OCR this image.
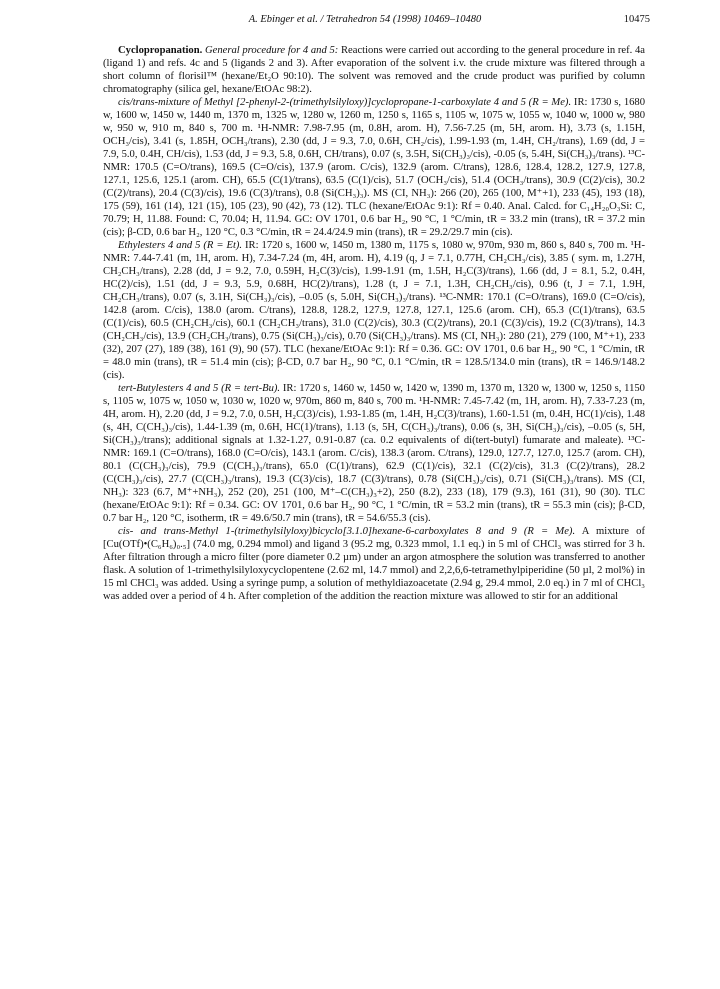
A. Ebinger et al. / Tetrahedron 54 (1998) 10469–10480	10475

Cyclopropanation. General procedure for 4 and 5: Reactions were carried out according to the general procedure in ref. 4a (ligand 1) and refs. 4c and 5 (ligands 2 and 3). After evaporation of the solvent i.v. the crude mixture was filtered through a short column of florisil™ (hexane/Et₂O 90:10). The solvent was removed and the crude product was purified by column chromatography (silica gel, hexane/EtOAc 98:2).

cis/trans-mixture of Methyl [2-phenyl-2-(trimethylsilyloxy)]cyclopropane-1-carboxylate 4 and 5 (R = Me). IR: 1730 s, 1680 w, 1600 w, 1450 w, 1440 m, 1370 m, 1325 w, 1280 w, 1260 m, 1250 s, 1165 s, 1105 w, 1075 w, 1055 w, 1040 w, 1000 w, 980 w, 950 w, 910 m, 840 s, 700 m. ¹H-NMR: 7.98-7.95 (m, 0.8H, arom. H), 7.56-7.25 (m, 5H, arom. H), 3.73 (s, 1.15H, OCH₃/cis), 3.41 (s, 1.85H, OCH₃/trans), 2.30 (dd, J = 9.3, 7.0, 0.6H, CH₂/cis), 1.99-1.93 (m, 1.4H, CH₂/trans), 1.69 (dd, J = 7.9, 5.0, 0.4H, CH/cis), 1.53 (dd, J = 9.3, 5.8, 0.6H, CH/trans), 0.07 (s, 3.5H, Si(CH₃)₃/cis), -0.05 (s, 5.4H, Si(CH₃)₃/trans). ¹³C-NMR: 170.5 (C=O/trans), 169.5 (C=O/cis), 137.9 (arom. C/cis), 132.9 (arom. C/trans), 128.6, 128.4, 128.2, 127.9, 127.8, 127.1, 125.6, 125.1 (arom. CH), 65.5 (C(1)/trans), 63.5 (C(1)/cis), 51.7 (OCH₃/cis), 51.4 (OCH₃/trans), 30.9 (C(2)/cis), 30.2 (C(2)/trans), 20.4 (C(3)/cis), 19.6 (C(3)/trans), 0.8 (Si(CH₃)₃). MS (CI, NH₃): 266 (20), 265 (100, M⁺+1), 233 (45), 193 (18), 175 (59), 161 (14), 121 (15), 105 (23), 90 (42), 73 (12). TLC (hexane/EtOAc 9:1): Rf = 0.40. Anal. Calcd. for C₁₄H₂₀O₃Si: C, 70.79; H, 11.88. Found: C, 70.04; H, 11.94. GC: OV 1701, 0.6 bar H₂, 90 °C, 1 °C/min, tR = 33.2 min (trans), tR = 37.2 min (cis); β-CD, 0.6 bar H₂, 120 °C, 0.3 °C/min, tR = 24.4/24.9 min (trans), tR = 29.2/29.7 min (cis).

Ethylesters 4 and 5 (R = Et). IR: 1720 s, 1600 w, 1450 m, 1380 m, 1175 s, 1080 w, 970m, 930 m, 860 s, 840 s, 700 m. ¹H-NMR: 7.44-7.41 (m, 1H, arom. H), 7.34-7.24 (m, 4H, arom. H), 4.19 (q, J = 7.1, 0.77H, CH₂CH₃/cis), 3.85 ( sym. m, 1.27H, CH₂CH₃/trans), 2.28 (dd, J = 9.2, 7.0, 0.59H, H₂C(3)/cis), 1.99-1.91 (m, 1.5H, H₂C(3)/trans), 1.66 (dd, J = 8.1, 5.2, 0.4H, HC(2)/cis), 1.51 (dd, J = 9.3, 5.9, 0.68H, HC(2)/trans), 1.28 (t, J = 7.1, 1.3H, CH₂CH₃/cis), 0.96 (t, J = 7.1, 1.9H, CH₂CH₃/trans), 0.07 (s, 3.1H, Si(CH₃)₃/cis), –0.05 (s, 5.0H, Si(CH₃)₃/trans). ¹³C-NMR: 170.1 (C=O/trans), 169.0 (C=O/cis), 142.8 (arom. C/cis), 138.0 (arom. C/trans), 128.8, 128.2, 127.9, 127.8, 127.1, 125.6 (arom. CH), 65.3 (C(1)/trans), 63.5 (C(1)/cis), 60.5 (CH₂CH₃/cis), 60.1 (CH₂CH₃/trans), 31.0 (C(2)/cis), 30.3 (C(2)/trans), 20.1 (C(3)/cis), 19.2 (C(3)/trans), 14.3 (CH₂CH₃/cis), 13.9 (CH₂CH₃/trans), 0.75 (Si(CH₃)₃/cis), 0.70 (Si(CH₃)₃/trans). MS (CI, NH₃): 280 (21), 279 (100, M⁺+1), 233 (32), 207 (27), 189 (38), 161 (9), 90 (57). TLC (hexane/EtOAc 9:1): Rf = 0.36. GC: OV 1701, 0.6 bar H₂, 90 °C, 1 °C/min, tR = 48.0 min (trans), tR = 51.4 min (cis); β-CD, 0.7 bar H₂, 90 °C, 0.1 °C/min, tR = 128.5/134.0 min (trans), tR = 146.9/148.2 (cis).

tert-Butylesters 4 and 5 (R = tert-Bu). IR: 1720 s, 1460 w, 1450 w, 1420 w, 1390 m, 1370 m, 1320 w, 1300 w, 1250 s, 1150 s, 1105 w, 1075 w, 1050 w, 1030 w, 1020 w, 970m, 860 m, 840 s, 700 m. ¹H-NMR: 7.45-7.42 (m, 1H, arom. H), 7.33-7.23 (m, 4H, arom. H), 2.20 (dd, J = 9.2, 7.0, 0.5H, H₂C(3)/cis), 1.93-1.85 (m, 1.4H, H₂C(3)/trans), 1.60-1.51 (m, 0.4H, HC(1)/cis), 1.48 (s, 4H, C(CH₃)₃/cis), 1.44-1.39 (m, 0.6H, HC(1)/trans), 1.13 (s, 5H, C(CH₃)₃/trans), 0.06 (s, 3H, Si(CH₃)₃/cis), –0.05 (s, 5H, Si(CH₃)₃/trans); additional signals at 1.32-1.27, 0.91-0.87 (ca. 0.2 equivalents of di(tert-butyl) fumarate and maleate). ¹³C-NMR: 169.1 (C=O/trans), 168.0 (C=O/cis), 143.1 (arom. C/cis), 138.3 (arom. C/trans), 129.0, 127.7, 127.0, 125.7 (arom. CH), 80.1 (C(CH₃)₃/cis), 79.9 (C(CH₃)₃/trans), 65.0 (C(1)/trans), 62.9 (C(1)/cis), 32.1 (C(2)/cis), 31.3 (C(2)/trans), 28.2 (C(CH₃)₃/cis), 27.7 (C(CH₃)₃/trans), 19.3 (C(3)/cis), 18.7 (C(3)/trans), 0.78 (Si(CH₃)₃/cis), 0.71 (Si(CH₃)₃/trans). MS (CI, NH₃): 323 (6.7, M⁺+NH₃), 252 (20), 251 (100, M⁺–C(CH₃)₃+2), 250 (8.2), 233 (18), 179 (9.3), 161 (31), 90 (30). TLC (hexane/EtOAc 9:1): Rf = 0.34. GC: OV 1701, 0.6 bar H₂, 90 °C, 1 °C/min, tR = 53.2 min (trans), tR = 55.3 min (cis); β-CD, 0.7 bar H₂, 120 °C, isotherm, tR = 49.6/50.7 min (trans), tR = 54.6/55.3 (cis).

cis- and trans-Methyl 1-(trimethylsilyloxy)bicyclo[3.1.0]hexane-6-carboxylates 8 and 9 (R = Me). A mixture of [Cu(OTf)•(C₆H₆)₀.₅] (74.0 mg, 0.294 mmol) and ligand 3 (95.2 mg, 0.323 mmol, 1.1 eq.) in 5 ml of CHCl₃ was stirred for 3 h. After filtration through a micro filter (pore diameter 0.2 µm) under an argon atmosphere the solution was transferred to another flask. A solution of 1-trimethylsilyloxycyclopentene (2.62 ml, 14.7 mmol) and 2,2,6,6-tetramethylpiperidine (50 µl, 2 mol%) in 15 ml CHCl₃ was added. Using a syringe pump, a solution of methyldiazoacetate (2.94 g, 29.4 mmol, 2.0 eq.) in 7 ml of CHCl₃ was added over a period of 4 h. After completion of the addition the reaction mixture was allowed to stir for an additional
